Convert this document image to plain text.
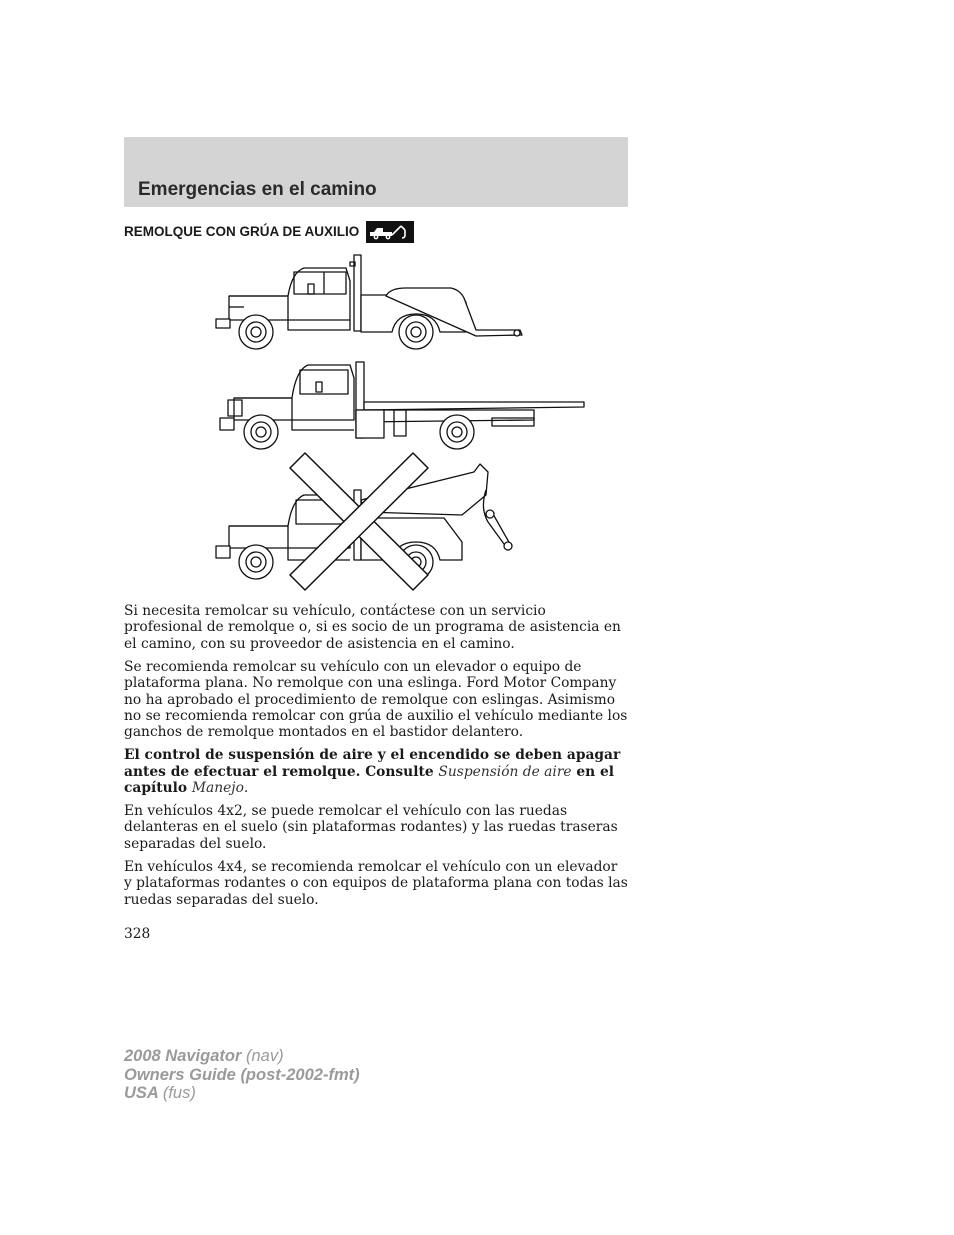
Emergencias en el camino
REMOLQUE CON GRÚA DE AUXILIO

Si necesita remolcar su vehículo, contáctese con un servicio profesional de remolque o, si es socio de un programa de asistencia en el camino, con su proveedor de asistencia en el camino.

Se recomienda remolcar su vehículo con un elevador o equipo de plataforma plana. No remolque con una eslinga. Ford Motor Company no ha aprobado el procedimiento de remolque con eslingas. Asimismo no se recomienda remolcar con grúa de auxilio el vehículo mediante los ganchos de remolque montados en el bastidor delantero.

El control de suspensión de aire y el encendido se deben apagar antes de efectuar el remolque. Consulte Suspensión de aire en el capítulo Manejo.

En vehículos 4x2, se puede remolcar el vehículo con las ruedas delanteras en el suelo (sin plataformas rodantes) y las ruedas traseras separadas del suelo.

En vehículos 4x4, se recomienda remolcar el vehículo con un elevador y plataformas rodantes o con equipos de plataforma plana con todas las ruedas separadas del suelo.

328
2008 Navigator (nav)
Owners Guide (post-2002-fmt)
USA (fus)
